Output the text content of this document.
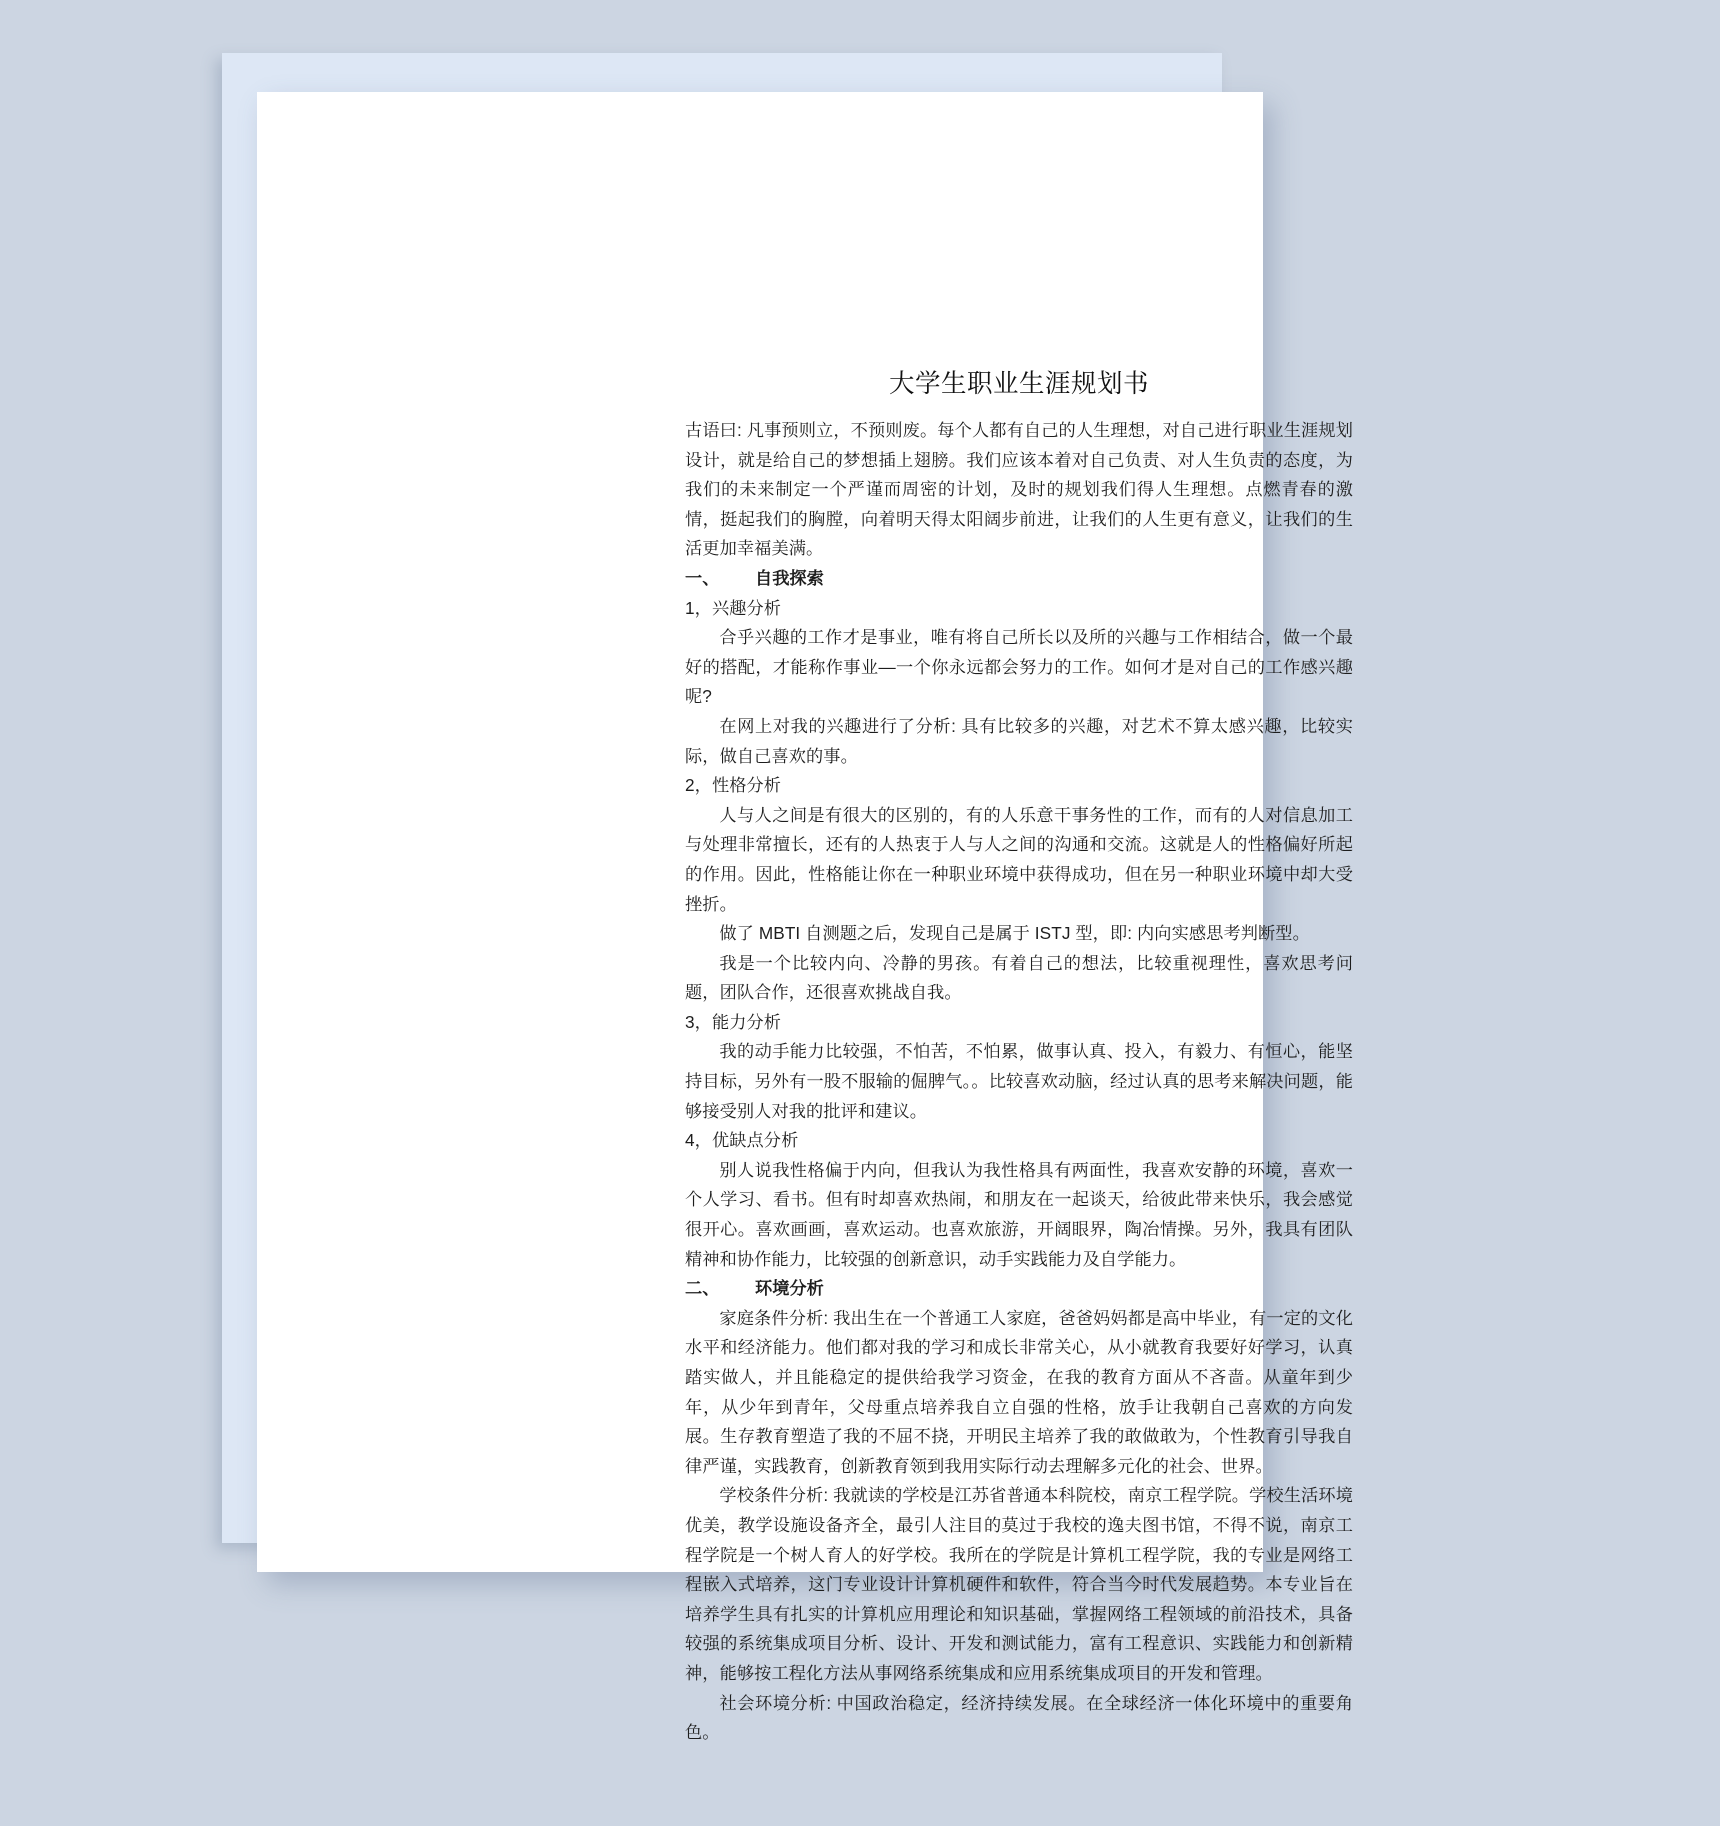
大学生职业生涯规划书

古语曰: 凡事预则立，不预则废。每个人都有自己的人生理想，对自己进行职业生涯规划设计，就是给自己的梦想插上翅膀。我们应该本着对自己负责、对人生负责的态度，为我们的未来制定一个严谨而周密的计划，及时的规划我们得人生理想。点燃青春的激情，挺起我们的胸膛，向着明天得太阳阔步前进，让我们的人生更有意义，让我们的生活更加幸福美满。

一、	自我探索

1，兴趣分析

合乎兴趣的工作才是事业，唯有将自己所长以及所的兴趣与工作相结合，做一个最好的搭配，才能称作事业—一个你永远都会努力的工作。如何才是对自己的工作感兴趣呢?

在网上对我的兴趣进行了分析: 具有比较多的兴趣，对艺术不算太感兴趣，比较实际，做自己喜欢的事。

2，性格分析

人与人之间是有很大的区别的，有的人乐意干事务性的工作，而有的人对信息加工与处理非常擅长，还有的人热衷于人与人之间的沟通和交流。这就是人的性格偏好所起的作用。因此，性格能让你在一种职业环境中获得成功，但在另一种职业环境中却大受挫折。

做了 MBTI 自测题之后，发现自己是属于 ISTJ 型，即: 内向实感思考判断型。

我是一个比较内向、冷静的男孩。有着自己的想法，比较重视理性，喜欢思考问题，团队合作，还很喜欢挑战自我。

3，能力分析

我的动手能力比较强，不怕苦，不怕累，做事认真、投入，有毅力、有恒心，能坚持目标，另外有一股不服输的倔脾气。。比较喜欢动脑，经过认真的思考来解决问题，能够接受别人对我的批评和建议。

4，优缺点分析

别人说我性格偏于内向，但我认为我性格具有两面性，我喜欢安静的环境，喜欢一个人学习、看书。但有时却喜欢热闹，和朋友在一起谈天，给彼此带来快乐，我会感觉很开心。喜欢画画，喜欢运动。也喜欢旅游，开阔眼界，陶冶情操。另外，我具有团队精神和协作能力，比较强的创新意识，动手实践能力及自学能力。

二、	环境分析

家庭条件分析: 我出生在一个普通工人家庭，爸爸妈妈都是高中毕业，有一定的文化水平和经济能力。他们都对我的学习和成长非常关心，从小就教育我要好好学习，认真踏实做人，并且能稳定的提供给我学习资金，在我的教育方面从不吝啬。从童年到少年，从少年到青年，父母重点培养我自立自强的性格，放手让我朝自己喜欢的方向发展。生存教育塑造了我的不屈不挠，开明民主培养了我的敢做敢为，个性教育引导我自律严谨，实践教育，创新教育领到我用实际行动去理解多元化的社会、世界。

学校条件分析: 我就读的学校是江苏省普通本科院校，南京工程学院。学校生活环境优美，教学设施设备齐全，最引人注目的莫过于我校的逸夫图书馆，不得不说，南京工程学院是一个树人育人的好学校。我所在的学院是计算机工程学院，我的专业是网络工程嵌入式培养，这门专业设计计算机硬件和软件，符合当今时代发展趋势。本专业旨在培养学生具有扎实的计算机应用理论和知识基础，掌握网络工程领域的前沿技术，具备较强的系统集成项目分析、设计、开发和测试能力，富有工程意识、实践能力和创新精神，能够按工程化方法从事网络系统集成和应用系统集成项目的开发和管理。

社会环境分析: 中国政治稳定，经济持续发展。在全球经济一体化环境中的重要角色。
